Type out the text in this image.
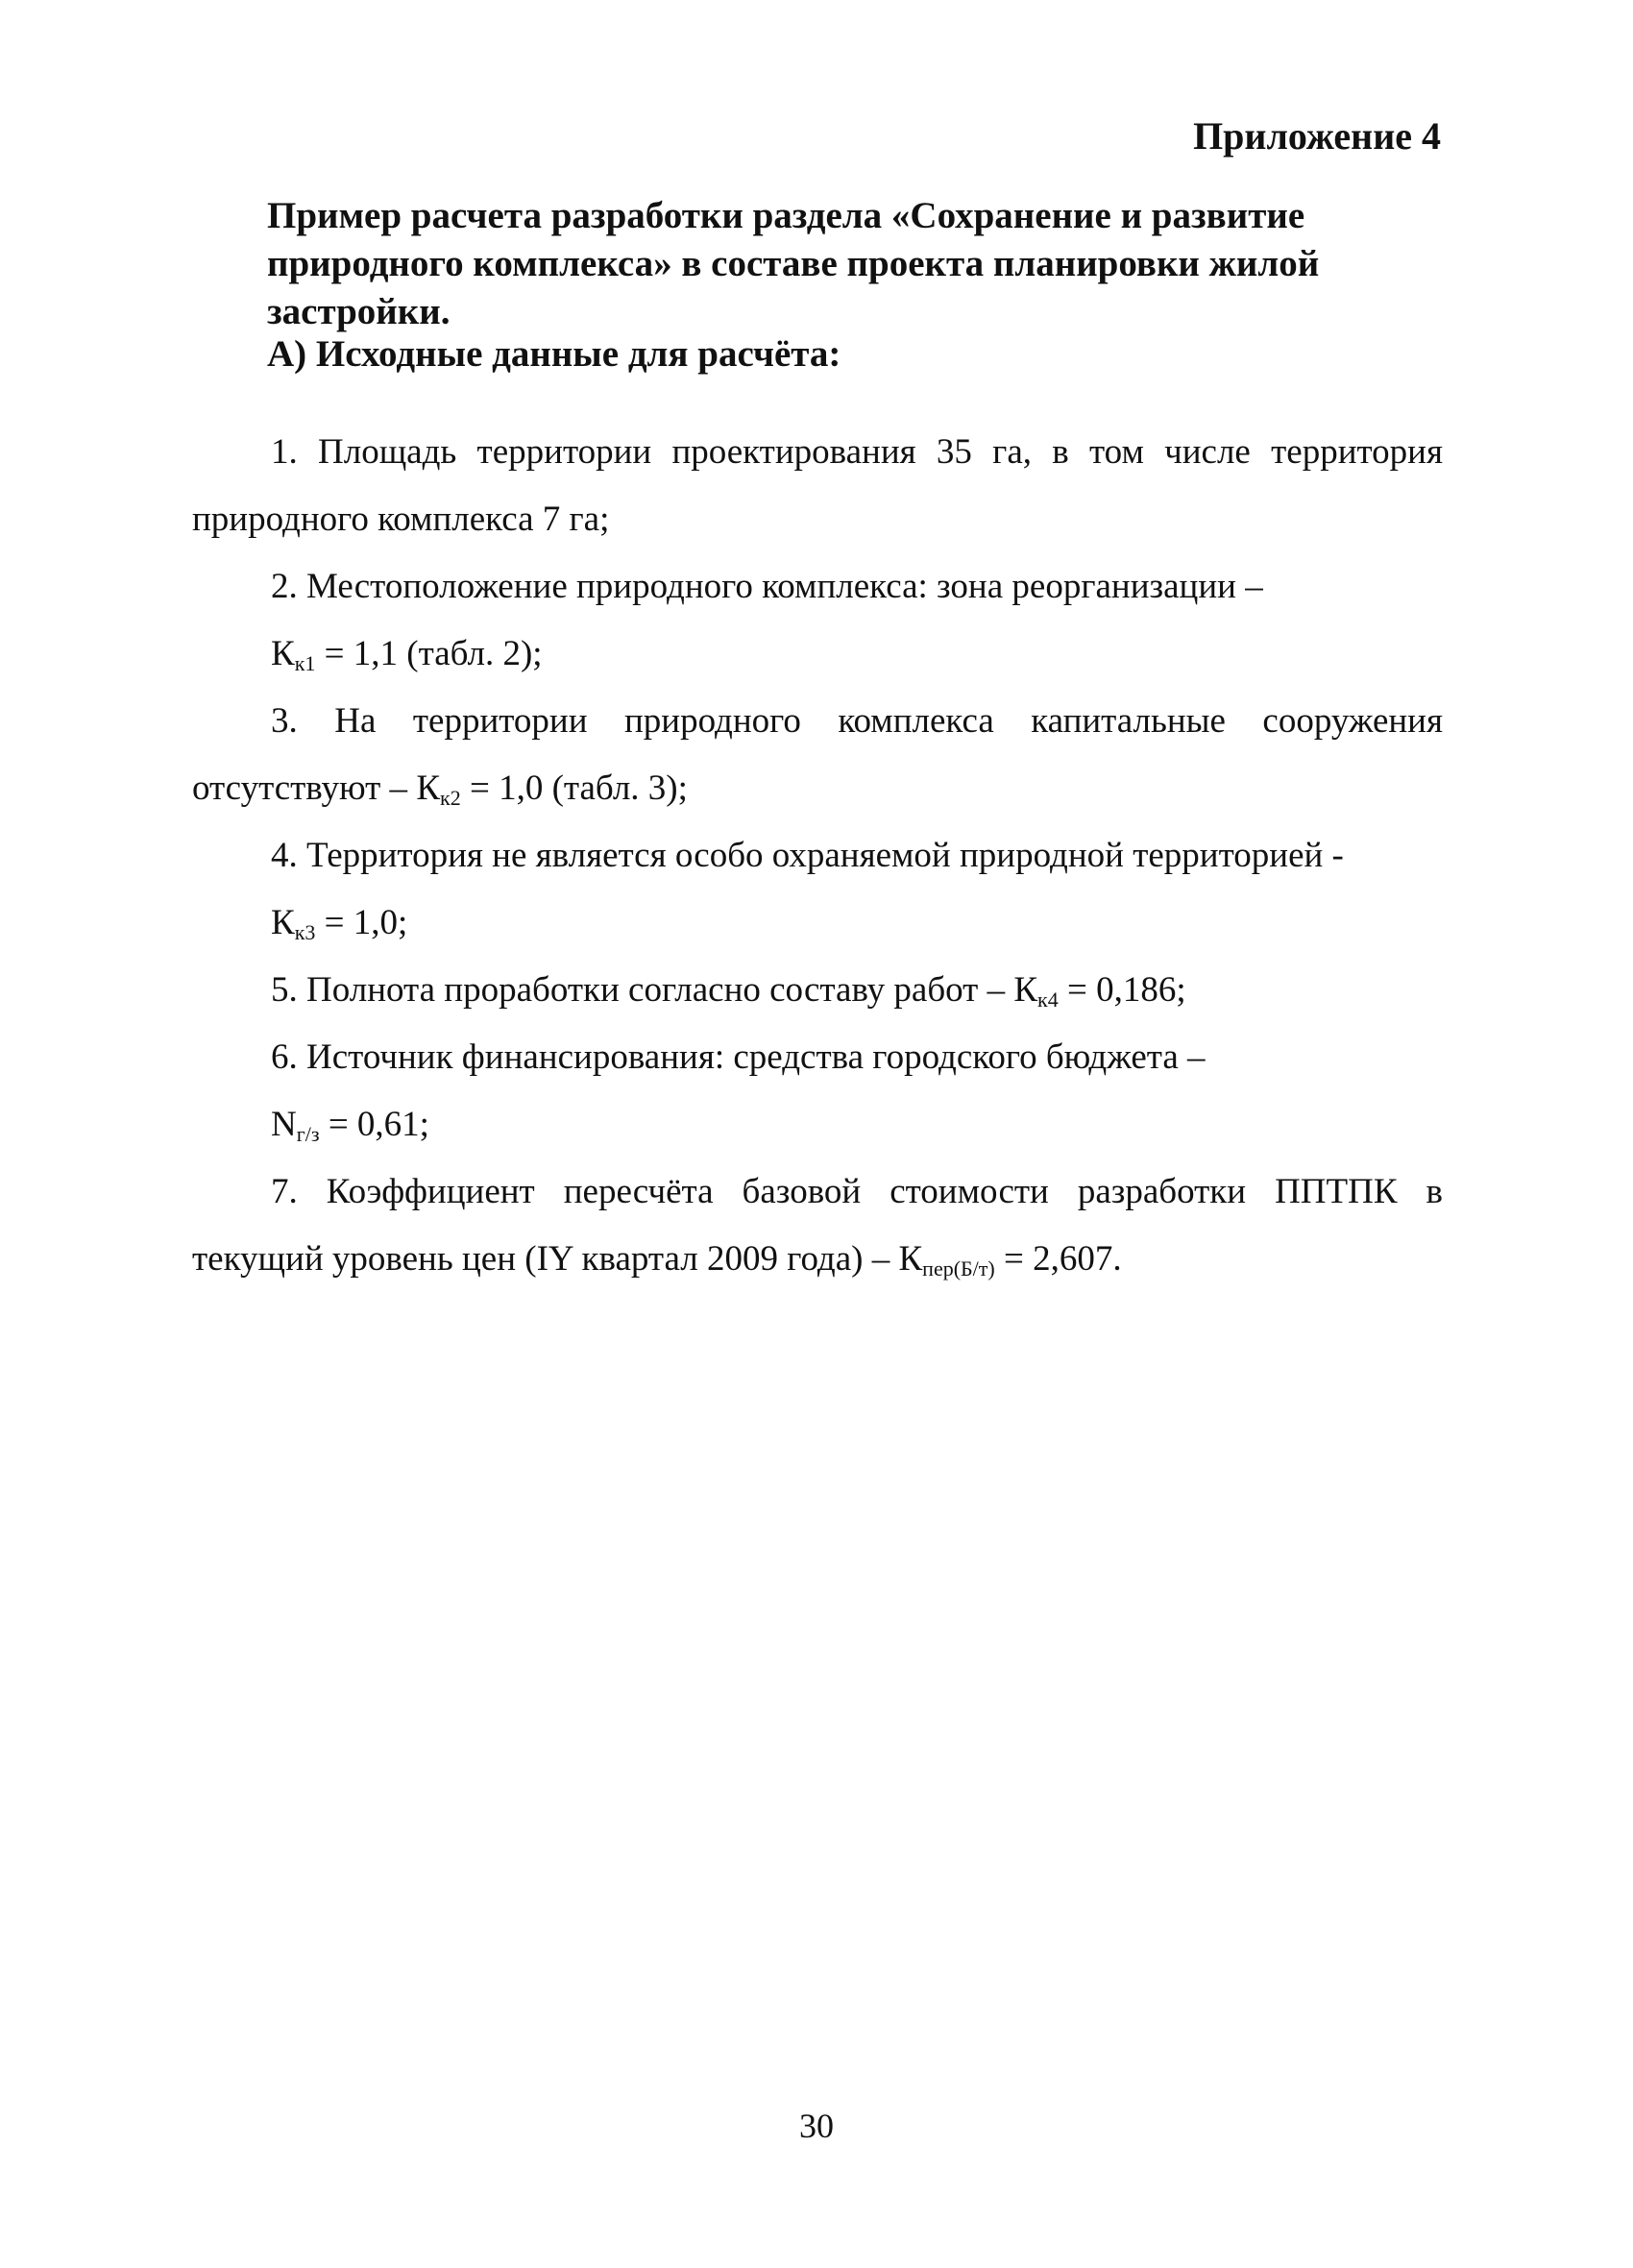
Приложение 4
Пример расчета разработки раздела «Сохранение и развитие природного комплекса» в составе проекта планировки жилой застройки.
А) Исходные данные для расчёта:

1. Площадь территории проектирования 35 га, в том числе территория природного комплекса 7 га;

2. Местоположение природного комплекса: зона реорганизации –
$К_{к1} = 1,1$ (табл. 2);

3. На территории природного комплекса капитальные сооружения отсутствуют – $К_{к2} = 1,0$ (табл. 3);

4. Территория не является особо охраняемой природной территорией -
$К_{к3} = 1,0$;

5. Полнота проработки согласно составу работ – $К_{к4} = 0,186$;

6. Источник финансирования: средства городского бюджета –
$N_{г/з} = 0,61$;

7. Коэффициент пересчёта базовой стоимости разработки ППТПК в текущий уровень цен (IY квартал 2009 года) – $К_{пер(Б/т)} = 2,607$.

30
